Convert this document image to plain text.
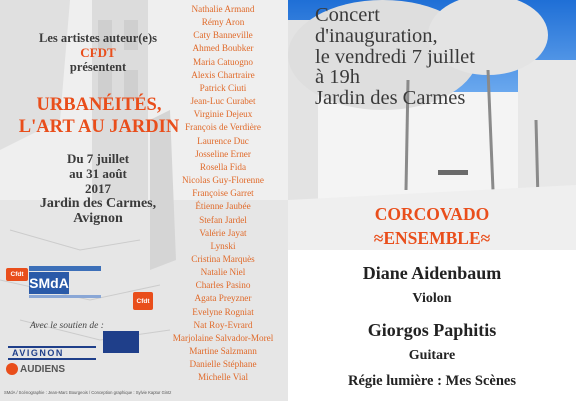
Les artistes auteur(e)s
CFDT
présentent
URBANÉITÉS,
L'ART AU JARDIN
Du 7 juillet
au 31 août
2017
Jardin des Carmes,
Avignon
Nathalie Armand
Rémy Aron
Caty Banneville
Ahmed Boubker
Maria Catuogno
Alexis Chartraire
Patrick Ciuti
Jean-Luc Curabet
Virginie Dejeux
François de Verdière
Laurence Duc
Josseline Erner
Rosella Fida
Nicolas Guy-Florenne
Françoise Garret
Étienne Jaubée
Stefan Jardel
Valérie Jayat
Lynski
Cristina Marquès
Natalie Niel
Charles Pasino
Agata Preyzner
Evelyne Rogniat
Nat Roy-Evrard
Marjolaine Salvador-Morel
Martine Salzmann
Danielle Stéphane
Michelle Vial
Cfdt
SMdA
Cfdt
Avec le soutien de :
AVIGNON
AUDIENS
SMdA / Scénographie : Jean-Marc Bourgeois / Conception graphique : Sylvie Kaptur Gintz
Concert
d'inauguration,
le vendredi 7 juillet
à 19h
Jardin des Carmes
CORCOVADO
≈ENSEMBLE≈
Diane Aidenbaum
Violon
Giorgos Paphitis
Guitare
Régie lumière : Mes Scènes
